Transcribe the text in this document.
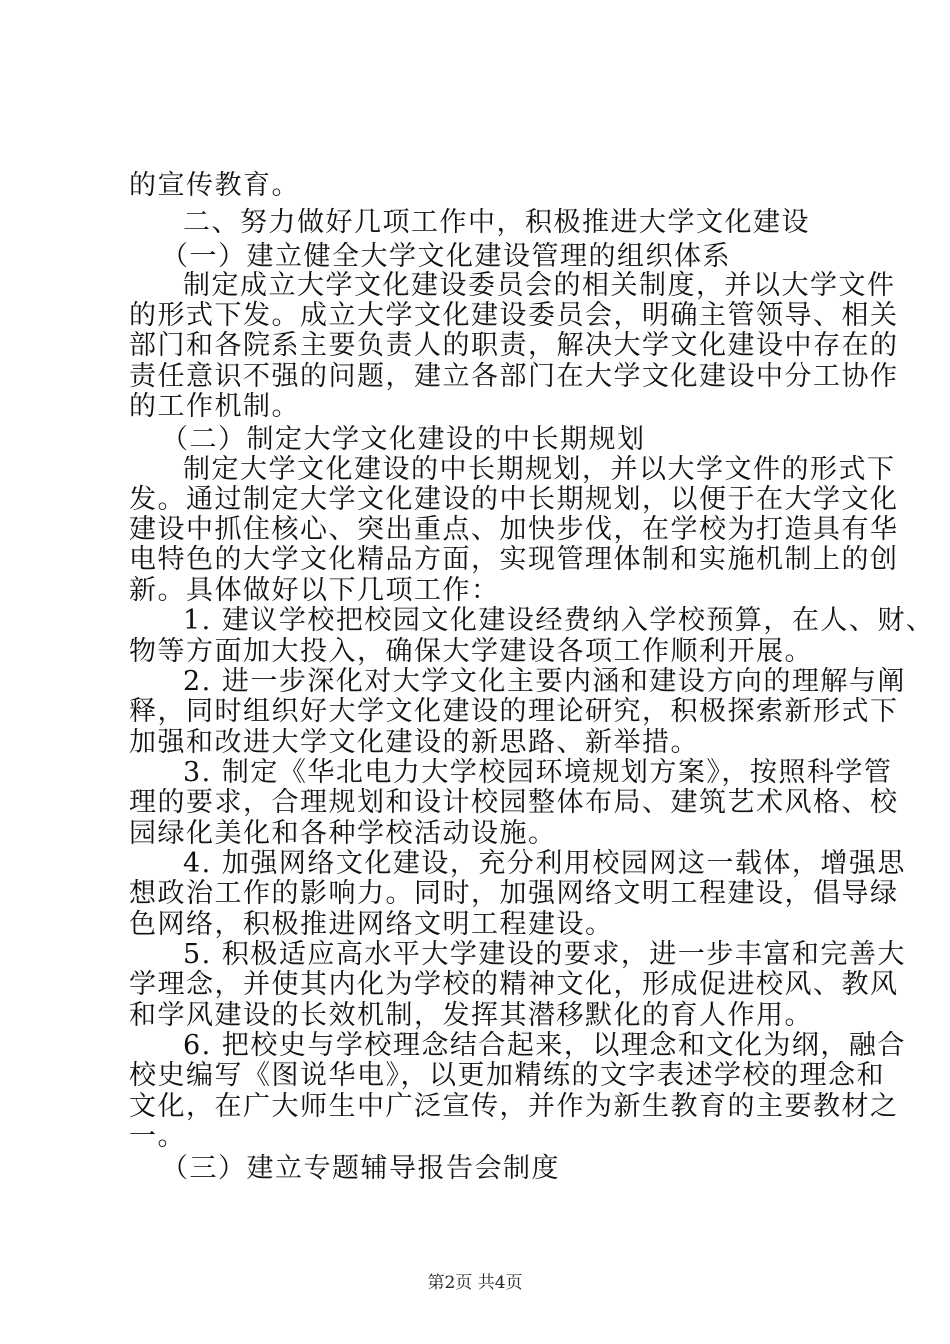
的宣传教育。
二、努力做好几项工作中，积极推进大学文化建设
（一）建立健全大学文化建设管理的组织体系
制定成立大学文化建设委员会的相关制度，并以大学文件
的形式下发。成立大学文化建设委员会，明确主管领导、相关
部门和各院系主要负责人的职责，解决大学文化建设中存在的
责任意识不强的问题，建立各部门在大学文化建设中分工协作
的工作机制。
（二）制定大学文化建设的中长期规划
制定大学文化建设的中长期规划，并以大学文件的形式下
发。通过制定大学文化建设的中长期规划，以便于在大学文化
建设中抓住核心、突出重点、加快步伐，在学校为打造具有华
电特色的大学文化精品方面，实现管理体制和实施机制上的创
新。具体做好以下几项工作：
1. 建议学校把校园文化建设经费纳入学校预算，在人、财、
物等方面加大投入，确保大学建设各项工作顺利开展。
2. 进一步深化对大学文化主要内涵和建设方向的理解与阐
释，同时组织好大学文化建设的理论研究，积极探索新形式下
加强和改进大学文化建设的新思路、新举措。
3. 制定《华北电力大学校园环境规划方案》，按照科学管
理的要求，合理规划和设计校园整体布局、建筑艺术风格、校
园绿化美化和各种学校活动设施。
4. 加强网络文化建设，充分利用校园网这一载体，增强思
想政治工作的影响力。同时，加强网络文明工程建设，倡导绿
色网络，积极推进网络文明工程建设。
5. 积极适应高水平大学建设的要求，进一步丰富和完善大
学理念，并使其内化为学校的精神文化，形成促进校风、教风
和学风建设的长效机制，发挥其潜移默化的育人作用。
6. 把校史与学校理念结合起来，以理念和文化为纲，融合
校史编写《图说华电》，以更加精练的文字表述学校的理念和
文化，在广大师生中广泛宣传，并作为新生教育的主要教材之
一。
（三）建立专题辅导报告会制度
第2页 共4页
